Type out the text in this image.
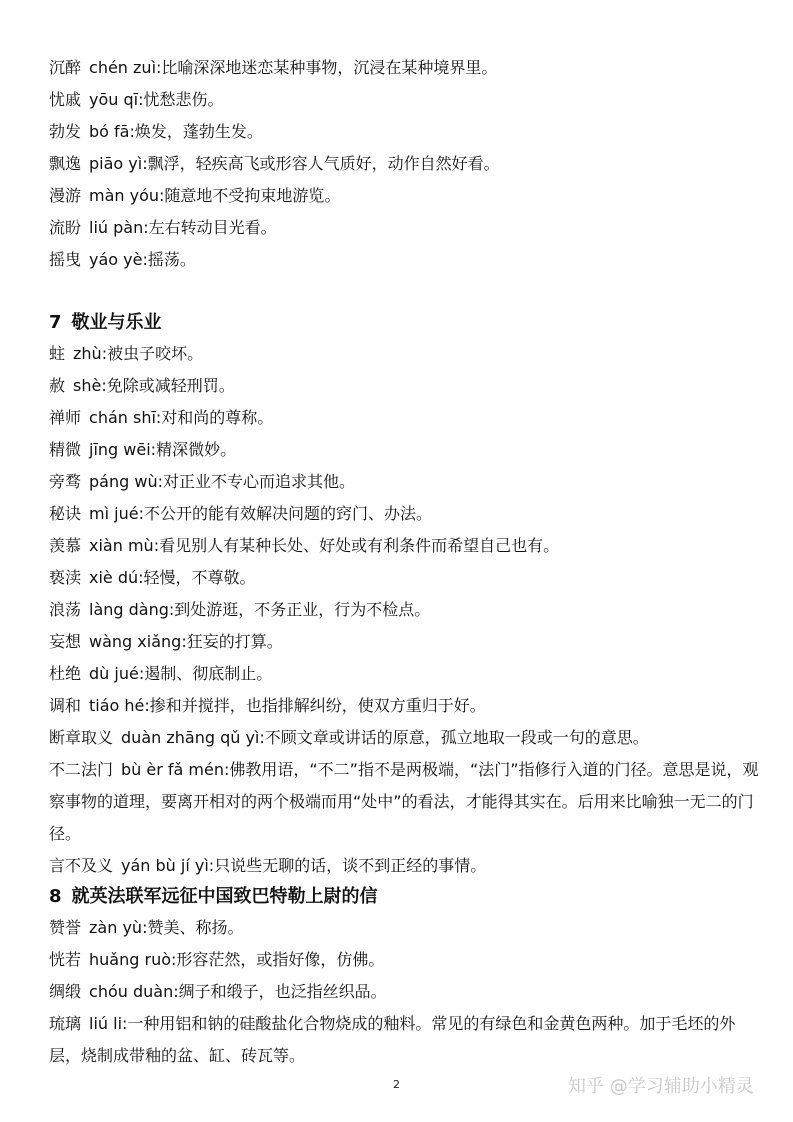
沉醉 chén zuì:比喻深深地迷恋某种事物，沉浸在某种境界里。
忧戚 yōu qī:忧愁悲伤。
勃发 bó fā:焕发，蓬勃生发。
飘逸 piāo yì:飘浮，轻疾高飞或形容人气质好，动作自然好看。
漫游 màn yóu:随意地不受拘束地游览。
流盼 liú pàn:左右转动目光看。
摇曳 yáo yè:摇荡。
7 敬业与乐业
蛀 zhù:被虫子咬坏。
赦 shè:免除或减轻刑罚。
禅师 chán shī:对和尚的尊称。
精微 jīng wēi:精深微妙。
旁骛 páng wù:对正业不专心而追求其他。
秘诀 mì jué:不公开的能有效解决问题的窍门、办法。
羡慕 xiàn mù:看见别人有某种长处、好处或有利条件而希望自己也有。
亵渎 xiè dú:轻慢，不尊敬。
浪荡 làng dàng:到处游逛，不务正业，行为不检点。
妄想 wàng xiǎng:狂妄的打算。
杜绝 dù jué:遏制、彻底制止。
调和 tiáo hé:掺和并搅拌，也指排解纠纷，使双方重归于好。
断章取义 duàn zhāng qǔ yì:不顾文章或讲话的原意，孤立地取一段或一句的意思。
不二法门 bù èr fǎ mén:佛教用语，“不二”指不是两极端，“法门”指修行入道的门径。意思是说，观察事物的道理，要离开相对的两个极端而用“处中”的看法，才能得其实在。后用来比喻独一无二的门径。
言不及义 yán bù jí yì:只说些无聊的话，谈不到正经的事情。
8 就英法联军远征中国致巴特勒上尉的信
赞誉 zàn yù:赞美、称扬。
恍若 huǎng ruò:形容茫然，或指好像，仿佛。
绸缎 chóu duàn:绸子和缎子，也泛指丝织品。
琉璃 liú li:一种用铝和钠的硅酸盐化合物烧成的釉料。常见的有绿色和金黄色两种。加于毛坯的外层，烧制成带釉的盆、缸、砖瓦等。
2	知乎 @学习辅助小精灵
